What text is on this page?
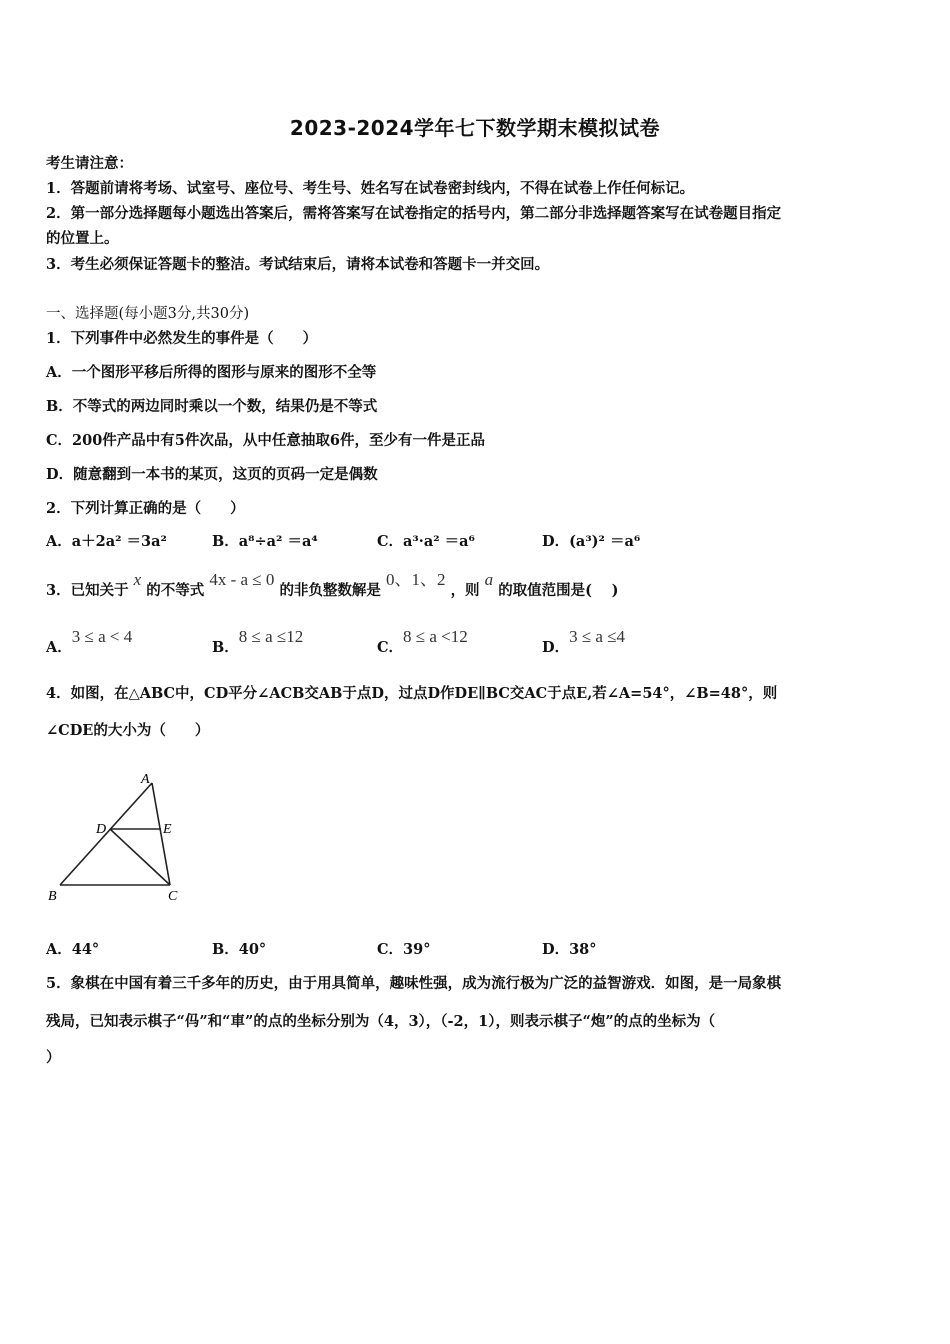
2023-2024学年七下数学期末模拟试卷
考生请注意：
1．答题前请将考场、试室号、座位号、考生号、姓名写在试卷密封线内，不得在试卷上作任何标记。
2．第一部分选择题每小题选出答案后，需将答案写在试卷指定的括号内，第二部分非选择题答案写在试卷题目指定
的位置上。
3．考生必须保证答题卡的整洁。考试结束后，请将本试卷和答题卡一并交回。
一、选择题(每小题3分,共30分)
1．下列事件中必然发生的事件是（　　）
A．一个图形平移后所得的图形与原来的图形不全等
B．不等式的两边同时乘以一个数，结果仍是不等式
C．200件产品中有5件次品，从中任意抽取6件，至少有一件是正品
D．随意翻到一本书的某页，这页的页码一定是偶数
2．下列计算正确的是（　　）
A．a＋2a² ＝3a²	B．a⁸÷a² ＝a⁴	C．a³·a² ＝a⁶	D．(a³)² ＝a⁶
3．已知关于 x 的不等式 4x - a ≤ 0 的非负整数解是 0、1、2 ，则 a 的取值范围是(　 )
A．3 ≤ a < 4
B．8 ≤ a ≤12
C．8 ≤ a <12
D．3 ≤ a ≤4
4．如图，在△ABC中，CD平分∠ACB交AB于点D，过点D作DE∥BC交AC于点E,若∠A=54°，∠B=48°，则
∠CDE的大小为（　　）
A
B	C
D	E
A．44°	B．40°	C．39°	D．38°
5．象棋在中国有着三千多年的历史，由于用具简单，趣味性强，成为流行极为广泛的益智游戏．如图，是一局象棋
残局，已知表示棋子“㐷”和“車”的点的坐标分别为（4，3），（-2，1），则表示棋子“炮”的点的坐标为（
）
